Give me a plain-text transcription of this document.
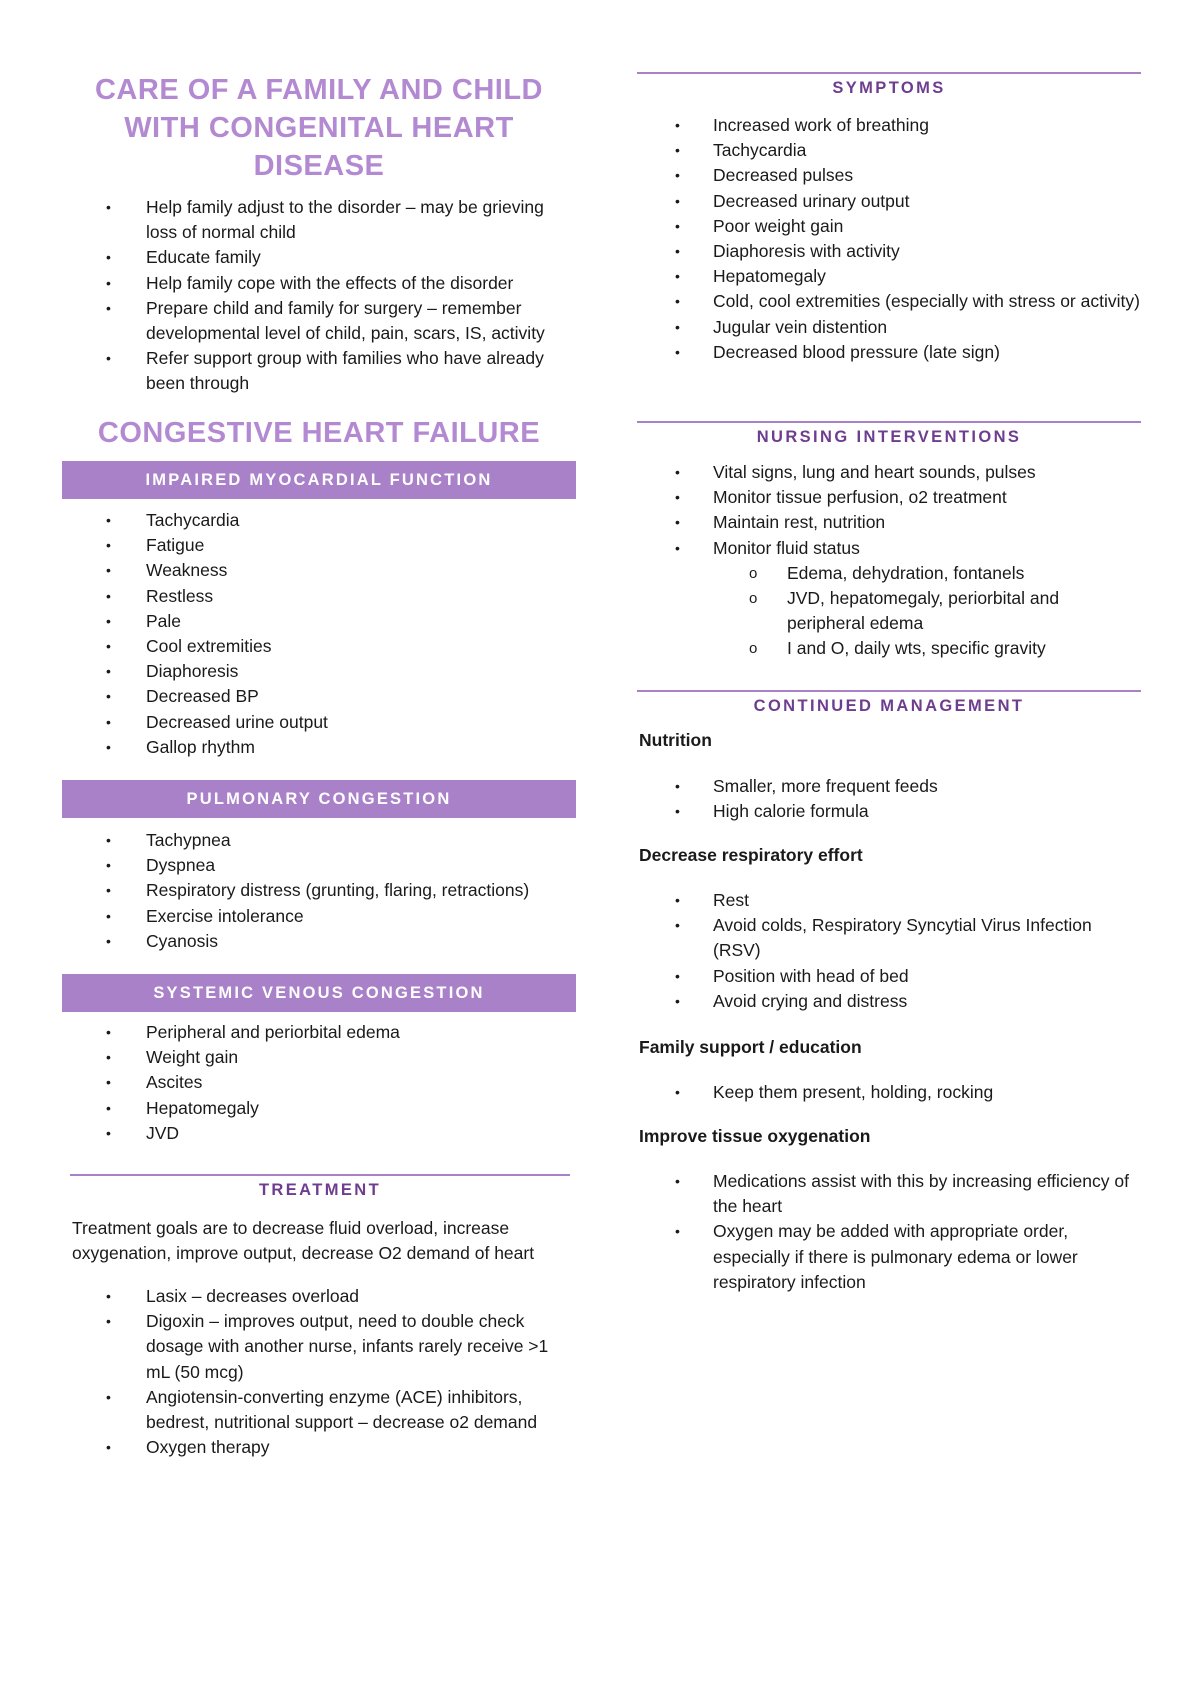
CARE OF A FAMILY AND CHILD WITH CONGENITAL HEART DISEASE
• Help family adjust to the disorder – may be grieving loss of normal child
• Educate family
• Help family cope with the effects of the disorder
• Prepare child and family for surgery – remember developmental level of child, pain, scars, IS, activity
• Refer support group with families who have already been through
CONGESTIVE HEART FAILURE
IMPAIRED MYOCARDIAL FUNCTION
• Tachycardia
• Fatigue
• Weakness
• Restless
• Pale
• Cool extremities
• Diaphoresis
• Decreased BP
• Decreased urine output
• Gallop rhythm
PULMONARY CONGESTION
• Tachypnea
• Dyspnea
• Respiratory distress (grunting, flaring, retractions)
• Exercise intolerance
• Cyanosis
SYSTEMIC VENOUS CONGESTION
• Peripheral and periorbital edema
• Weight gain
• Ascites
• Hepatomegaly
• JVD
TREATMENT
Treatment goals are to decrease fluid overload, increase oxygenation, improve output, decrease O2 demand of heart
• Lasix – decreases overload
• Digoxin – improves output, need to double check dosage with another nurse, infants rarely receive >1 mL (50 mcg)
• Angiotensin-converting enzyme (ACE) inhibitors, bedrest, nutritional support – decrease o2 demand
• Oxygen therapy
SYMPTOMS
• Increased work of breathing
• Tachycardia
• Decreased pulses
• Decreased urinary output
• Poor weight gain
• Diaphoresis with activity
• Hepatomegaly
• Cold, cool extremities (especially with stress or activity)
• Jugular vein distention
• Decreased blood pressure (late sign)
NURSING INTERVENTIONS
• Vital signs, lung and heart sounds, pulses
• Monitor tissue perfusion, o2 treatment
• Maintain rest, nutrition
• Monitor fluid status
o Edema, dehydration, fontanels
o JVD, hepatomegaly, periorbital and peripheral edema
o I and O, daily wts, specific gravity
CONTINUED MANAGEMENT
Nutrition
• Smaller, more frequent feeds
• High calorie formula
Decrease respiratory effort
• Rest
• Avoid colds, Respiratory Syncytial Virus Infection (RSV)
• Position with head of bed
• Avoid crying and distress
Family support / education
• Keep them present, holding, rocking
Improve tissue oxygenation
• Medications assist with this by increasing efficiency of the heart
• Oxygen may be added with appropriate order, especially if there is pulmonary edema or lower respiratory infection
